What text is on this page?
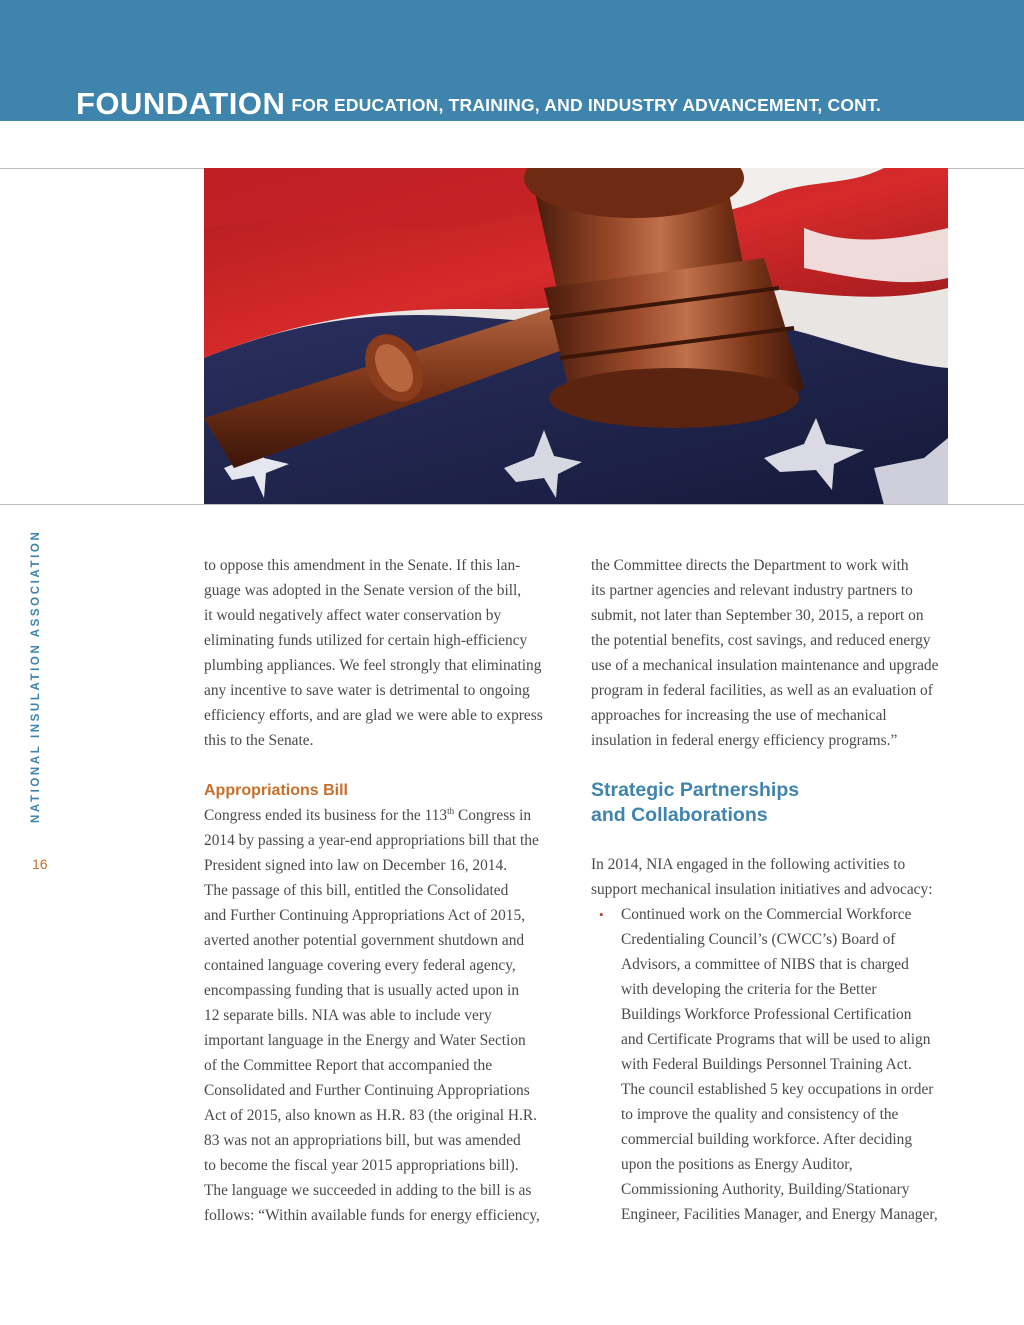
FOUNDATION FOR EDUCATION, TRAINING, AND INDUSTRY ADVANCEMENT, CONT.
NATIONAL INSULATION ASSOCIATION
16

to oppose this amendment in the Senate. If this lan-
guage was adopted in the Senate version of the bill,
it would negatively affect water conservation by
eliminating funds utilized for certain high-efficiency
plumbing appliances. We feel strongly that eliminating
any incentive to save water is detrimental to ongoing
efficiency efforts, and are glad we were able to express
this to the Senate.

Appropriations Bill

Congress ended its business for the 113th Congress in
2014 by passing a year-end appropriations bill that the
President signed into law on December 16, 2014.
The passage of this bill, entitled the Consolidated
and Further Continuing Appropriations Act of 2015,
averted another potential government shutdown and
contained language covering every federal agency,
encompassing funding that is usually acted upon in
12 separate bills. NIA was able to include very
important language in the Energy and Water Section
of the Committee Report that accompanied the
Consolidated and Further Continuing Appropriations
Act of 2015, also known as H.R. 83 (the original H.R.
83 was not an appropriations bill, but was amended
to become the fiscal year 2015 appropriations bill).
The language we succeeded in adding to the bill is as
follows: “Within available funds for energy efficiency,

the Committee directs the Department to work with
its partner agencies and relevant industry partners to
submit, not later than September 30, 2015, a report on
the potential benefits, cost savings, and reduced energy
use of a mechanical insulation maintenance and upgrade
program in federal facilities, as well as an evaluation of
approaches for increasing the use of mechanical
insulation in federal energy efficiency programs.”

Strategic Partnerships
and Collaborations

In 2014, NIA engaged in the following activities to
support mechanical insulation initiatives and advocacy:

• Continued work on the Commercial Workforce
Credentialing Council’s (CWCC’s) Board of
Advisors, a committee of NIBS that is charged
with developing the criteria for the Better
Buildings Workforce Professional Certification
and Certificate Programs that will be used to align
with Federal Buildings Personnel Training Act.
The council established 5 key occupations in order
to improve the quality and consistency of the
commercial building workforce. After deciding
upon the positions as Energy Auditor,
Commissioning Authority, Building/Stationary
Engineer, Facilities Manager, and Energy Manager,
